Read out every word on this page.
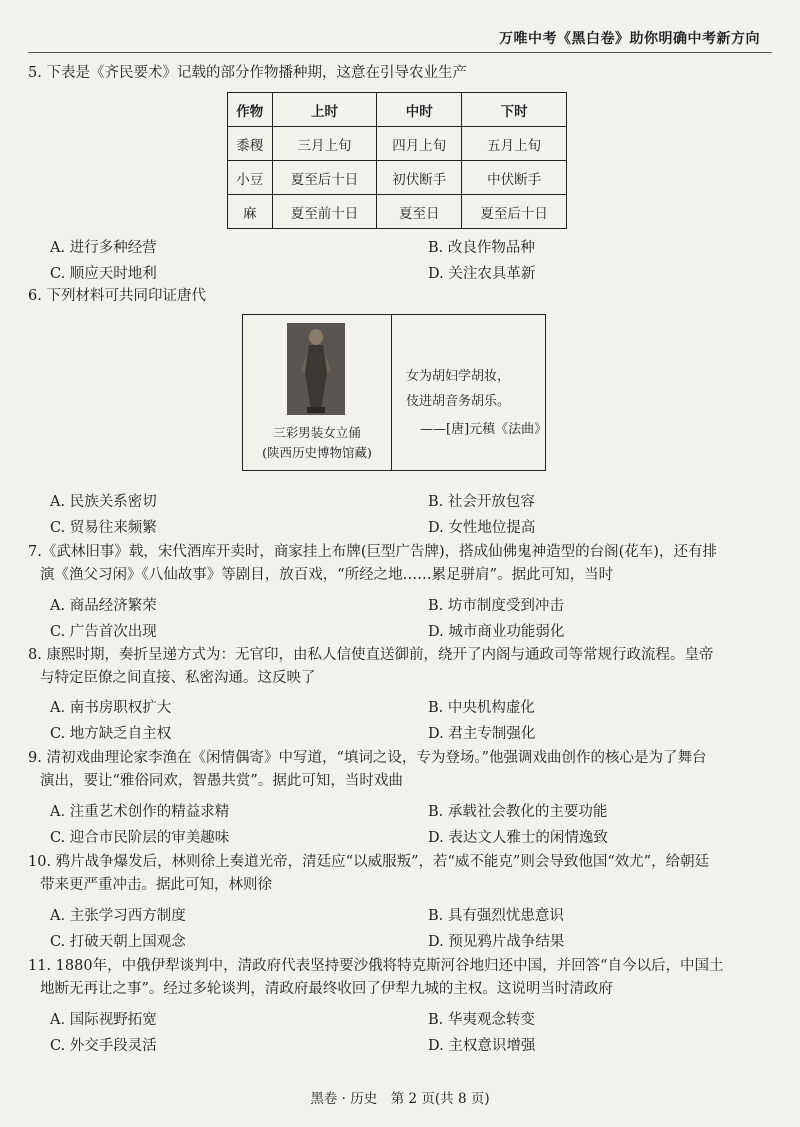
万唯中考《黑白卷》助你明确中考新方向
5. 下表是《齐民要术》记载的部分作物播种期，这意在引导农业生产
作物	上时	中时	下时
黍稷	三月上旬	四月上旬	五月上旬
小豆	夏至后十日	初伏断手	中伏断手
麻	夏至前十日	夏至日	夏至后十日
A. 进行多种经营	B. 改良作物品种
C. 顺应天时地利	D. 关注农具革新
6. 下列材料可共同印证唐代
三彩男装女立俑
(陕西历史博物馆藏)
女为胡妇学胡妆，
伎进胡音务胡乐。
——[唐]元稹《法曲》
A. 民族关系密切	B. 社会开放包容
C. 贸易往来频繁	D. 女性地位提高
7.《武林旧事》载，宋代酒库开卖时，商家挂上布牌(巨型广告牌)，搭成仙佛鬼神造型的台阁(花车)，还有排
演《渔父习闲》《八仙故事》等剧目，放百戏，“所经之地……累足骈肩”。据此可知，当时
A. 商品经济繁荣	B. 坊市制度受到冲击
C. 广告首次出现	D. 城市商业功能弱化
8. 康熙时期，奏折呈递方式为：无官印，由私人信使直送御前，绕开了内阁与通政司等常规行政流程。皇帝
与特定臣僚之间直接、私密沟通。这反映了
A. 南书房职权扩大	B. 中央机构虚化
C. 地方缺乏自主权	D. 君主专制强化
9. 清初戏曲理论家李渔在《闲情偶寄》中写道，“填词之设，专为登场。”他强调戏曲创作的核心是为了舞台
演出，要让“雅俗同欢，智愚共赏”。据此可知，当时戏曲
A. 注重艺术创作的精益求精	B. 承载社会教化的主要功能
C. 迎合市民阶层的审美趣味	D. 表达文人雅士的闲情逸致
10. 鸦片战争爆发后，林则徐上奏道光帝，清廷应“以威服叛”，若“威不能克”则会导致他国“效尤”，给朝廷
带来更严重冲击。据此可知，林则徐
A. 主张学习西方制度	B. 具有强烈忧患意识
C. 打破天朝上国观念	D. 预见鸦片战争结果
11. 1880年，中俄伊犁谈判中，清政府代表坚持要沙俄将特克斯河谷地归还中国，并回答“自今以后，中国土
地断无再让之事”。经过多轮谈判，清政府最终收回了伊犁九城的主权。这说明当时清政府
A. 国际视野拓宽	B. 华夷观念转变
C. 外交手段灵活	D. 主权意识增强
黑卷 · 历史　第 2 页(共 8 页)
